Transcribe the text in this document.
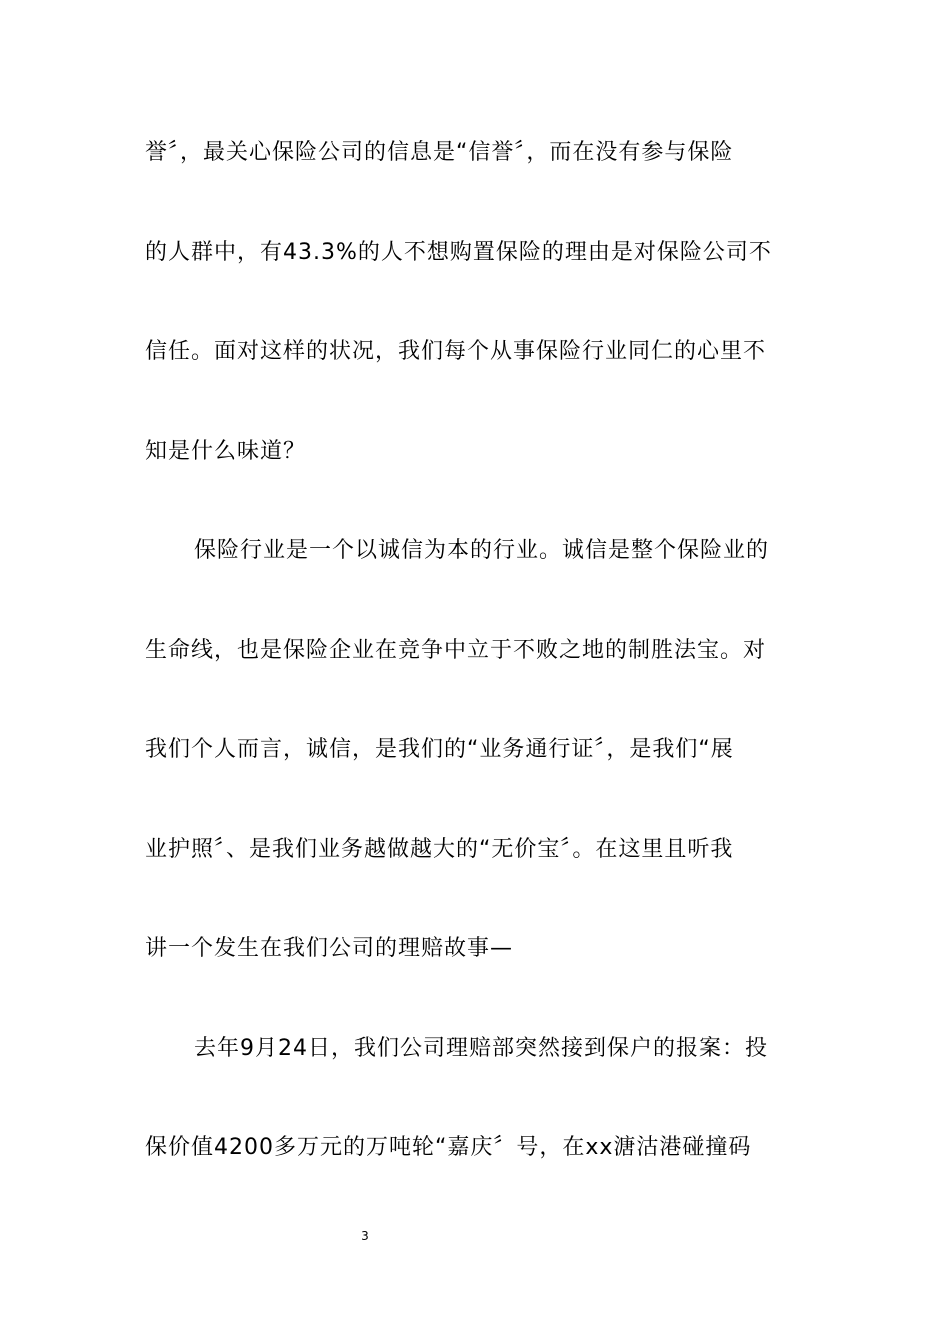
誉〞，最关心保险公司的信息是“信誉〞，而在没有参与保险
的人群中，有43.3%的人不想购置保险的理由是对保险公司不
信任。面对这样的状况，我们每个从事保险行业同仁的心里不
知是什么味道？
保险行业是一个以诚信为本的行业。诚信是整个保险业的
生命线，也是保险企业在竞争中立于不败之地的制胜法宝。对
我们个人而言，诚信，是我们的“业务通行证〞，是我们“展
业护照〞、是我们业务越做越大的“无价宝〞。在这里且听我
讲一个发生在我们公司的理赔故事—
去年9月24日，我们公司理赔部突然接到保户的报案：投
保价值4200多万元的万吨轮“嘉庆〞号，在xx溏沽港碰撞码
3
